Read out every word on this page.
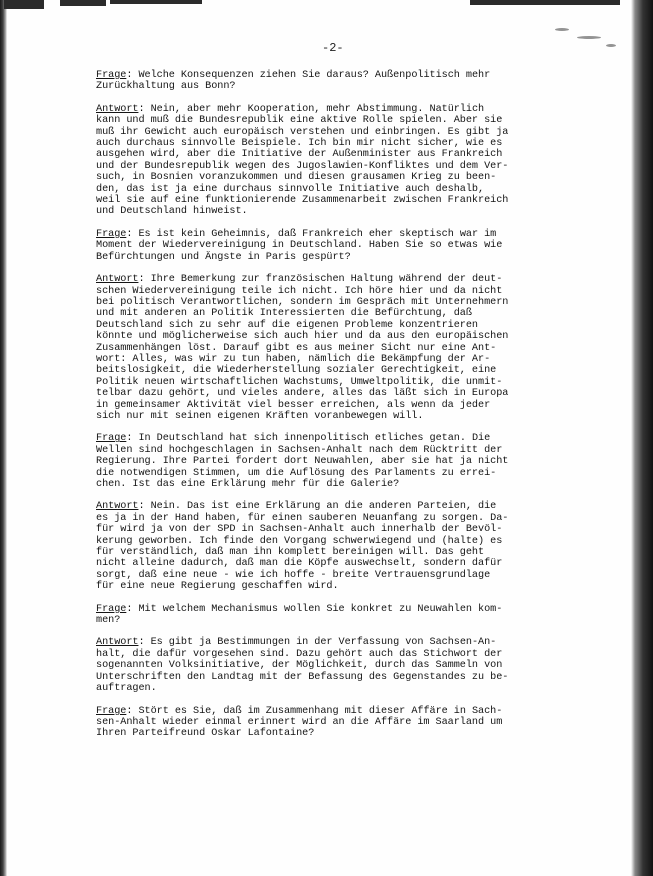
-2-
Frage: Welche Konsequenzen ziehen Sie daraus? Außenpolitisch mehr
Zurückhaltung aus Bonn?
Antwort: Nein, aber mehr Kooperation, mehr Abstimmung. Natürlich
kann und muß die Bundesrepublik eine aktive Rolle spielen. Aber sie
muß ihr Gewicht auch europäisch verstehen und einbringen. Es gibt ja
auch durchaus sinnvolle Beispiele. Ich bin mir nicht sicher, wie es
ausgehen wird, aber die Initiative der Außenminister aus Frankreich
und der Bundesrepublik wegen des Jugoslawien-Konfliktes und dem Ver-
such, in Bosnien voranzukommen und diesen grausamen Krieg zu been-
den, das ist ja eine durchaus sinnvolle Initiative auch deshalb,
weil sie auf eine funktionierende Zusammenarbeit zwischen Frankreich
und Deutschland hinweist.
Frage: Es ist kein Geheimnis, daß Frankreich eher skeptisch war im
Moment der Wiedervereinigung in Deutschland. Haben Sie so etwas wie
Befürchtungen und Ängste in Paris gespürt?
Antwort: Ihre Bemerkung zur französischen Haltung während der deut-
schen Wiedervereinigung teile ich nicht. Ich höre hier und da nicht
bei politisch Verantwortlichen, sondern im Gespräch mit Unternehmern
und mit anderen an Politik Interessierten die Befürchtung, daß
Deutschland sich zu sehr auf die eigenen Probleme konzentrieren
könnte und möglicherweise sich auch hier und da aus den europäischen
Zusammenhängen löst. Darauf gibt es aus meiner Sicht nur eine Ant-
wort: Alles, was wir zu tun haben, nämlich die Bekämpfung der Ar-
beitslosigkeit, die Wiederherstellung sozialer Gerechtigkeit, eine
Politik neuen wirtschaftlichen Wachstums, Umweltpolitik, die unmit-
telbar dazu gehört, und vieles andere, alles das läßt sich in Europa
in gemeinsamer Aktivität viel besser erreichen, als wenn da jeder
sich nur mit seinen eigenen Kräften voranbewegen will.

Frage: In Deutschland hat sich innenpolitisch etliches getan. Die
Wellen sind hochgeschlagen in Sachsen-Anhalt nach dem Rücktritt der
Regierung. Ihre Partei fordert dort Neuwahlen, aber sie hat ja nicht
die notwendigen Stimmen, um die Auflösung des Parlaments zu errei-
chen. Ist das eine Erklärung mehr für die Galerie?
Antwort: Nein. Das ist eine Erklärung an die anderen Parteien, die
es ja in der Hand haben, für einen sauberen Neuanfang zu sorgen. Da-
für wird ja von der SPD in Sachsen-Anhalt auch innerhalb der Bevöl-
kerung geworben. Ich finde den Vorgang schwerwiegend und (halte) es
für verständlich, daß man ihn komplett bereinigen will. Das geht
nicht alleine dadurch, daß man die Köpfe auswechselt, sondern dafür
sorgt, daß eine neue - wie ich hoffe - breite Vertrauensgrundlage
für eine neue Regierung geschaffen wird.
Frage: Mit welchem Mechanismus wollen Sie konkret zu Neuwahlen kom-
men?
Antwort: Es gibt ja Bestimmungen in der Verfassung von Sachsen-An-
halt, die dafür vorgesehen sind. Dazu gehört auch das Stichwort der
sogenannten Volksinitiative, der Möglichkeit, durch das Sammeln von
Unterschriften den Landtag mit der Befassung des Gegenstandes zu be-
auftragen.
Frage: Stört es Sie, daß im Zusammenhang mit dieser Affäre in Sach-
sen-Anhalt wieder einmal erinnert wird an die Affäre im Saarland um
Ihren Parteifreund Oskar Lafontaine?
